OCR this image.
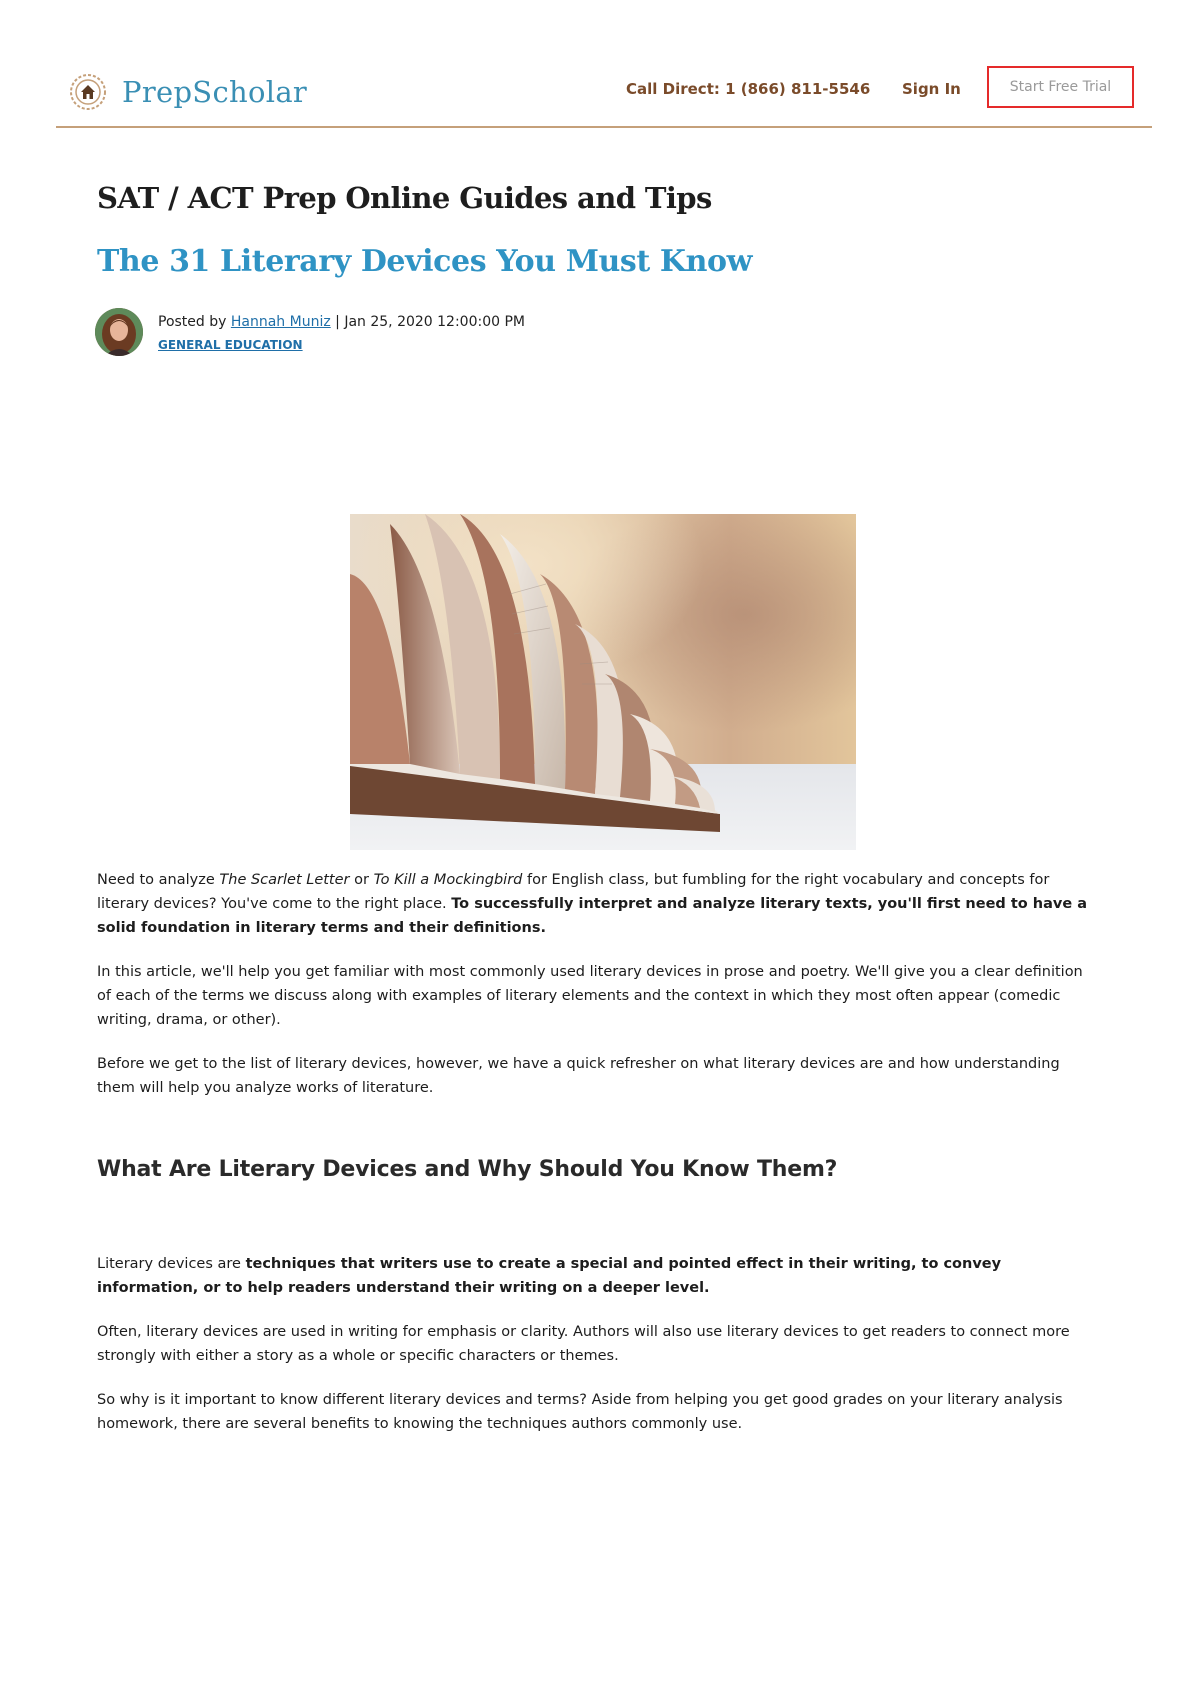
PrepScholar	Call Direct: 1 (866) 811-5546 Sign In	Start Free Trial
SAT / ACT Prep Online Guides and Tips
The 31 Literary Devices You Must Know
Posted by Hannah Muniz | Jan 25, 2020 12:00:00 PM
GENERAL EDUCATION

Need to analyze The Scarlet Letter or To Kill a Mockingbird for English class, but fumbling for the right vocabulary and concepts for literary devices? You've come to the right place. To successfully interpret and analyze literary texts, you'll first need to have a solid foundation in literary terms and their definitions.

In this article, we'll help you get familiar with most commonly used literary devices in prose and poetry. We'll give you a clear definition of each of the terms we discuss along with examples of literary elements and the context in which they most often appear (comedic writing, drama, or other).

Before we get to the list of literary devices, however, we have a quick refresher on what literary devices are and how understanding them will help you analyze works of literature.

What Are Literary Devices and Why Should You Know Them?

Literary devices are techniques that writers use to create a special and pointed effect in their writing, to convey information, or to help readers understand their writing on a deeper level.

Often, literary devices are used in writing for emphasis or clarity. Authors will also use literary devices to get readers to connect more strongly with either a story as a whole or specific characters or themes.

So why is it important to know different literary devices and terms? Aside from helping you get good grades on your literary analysis homework, there are several benefits to knowing the techniques authors commonly use.
